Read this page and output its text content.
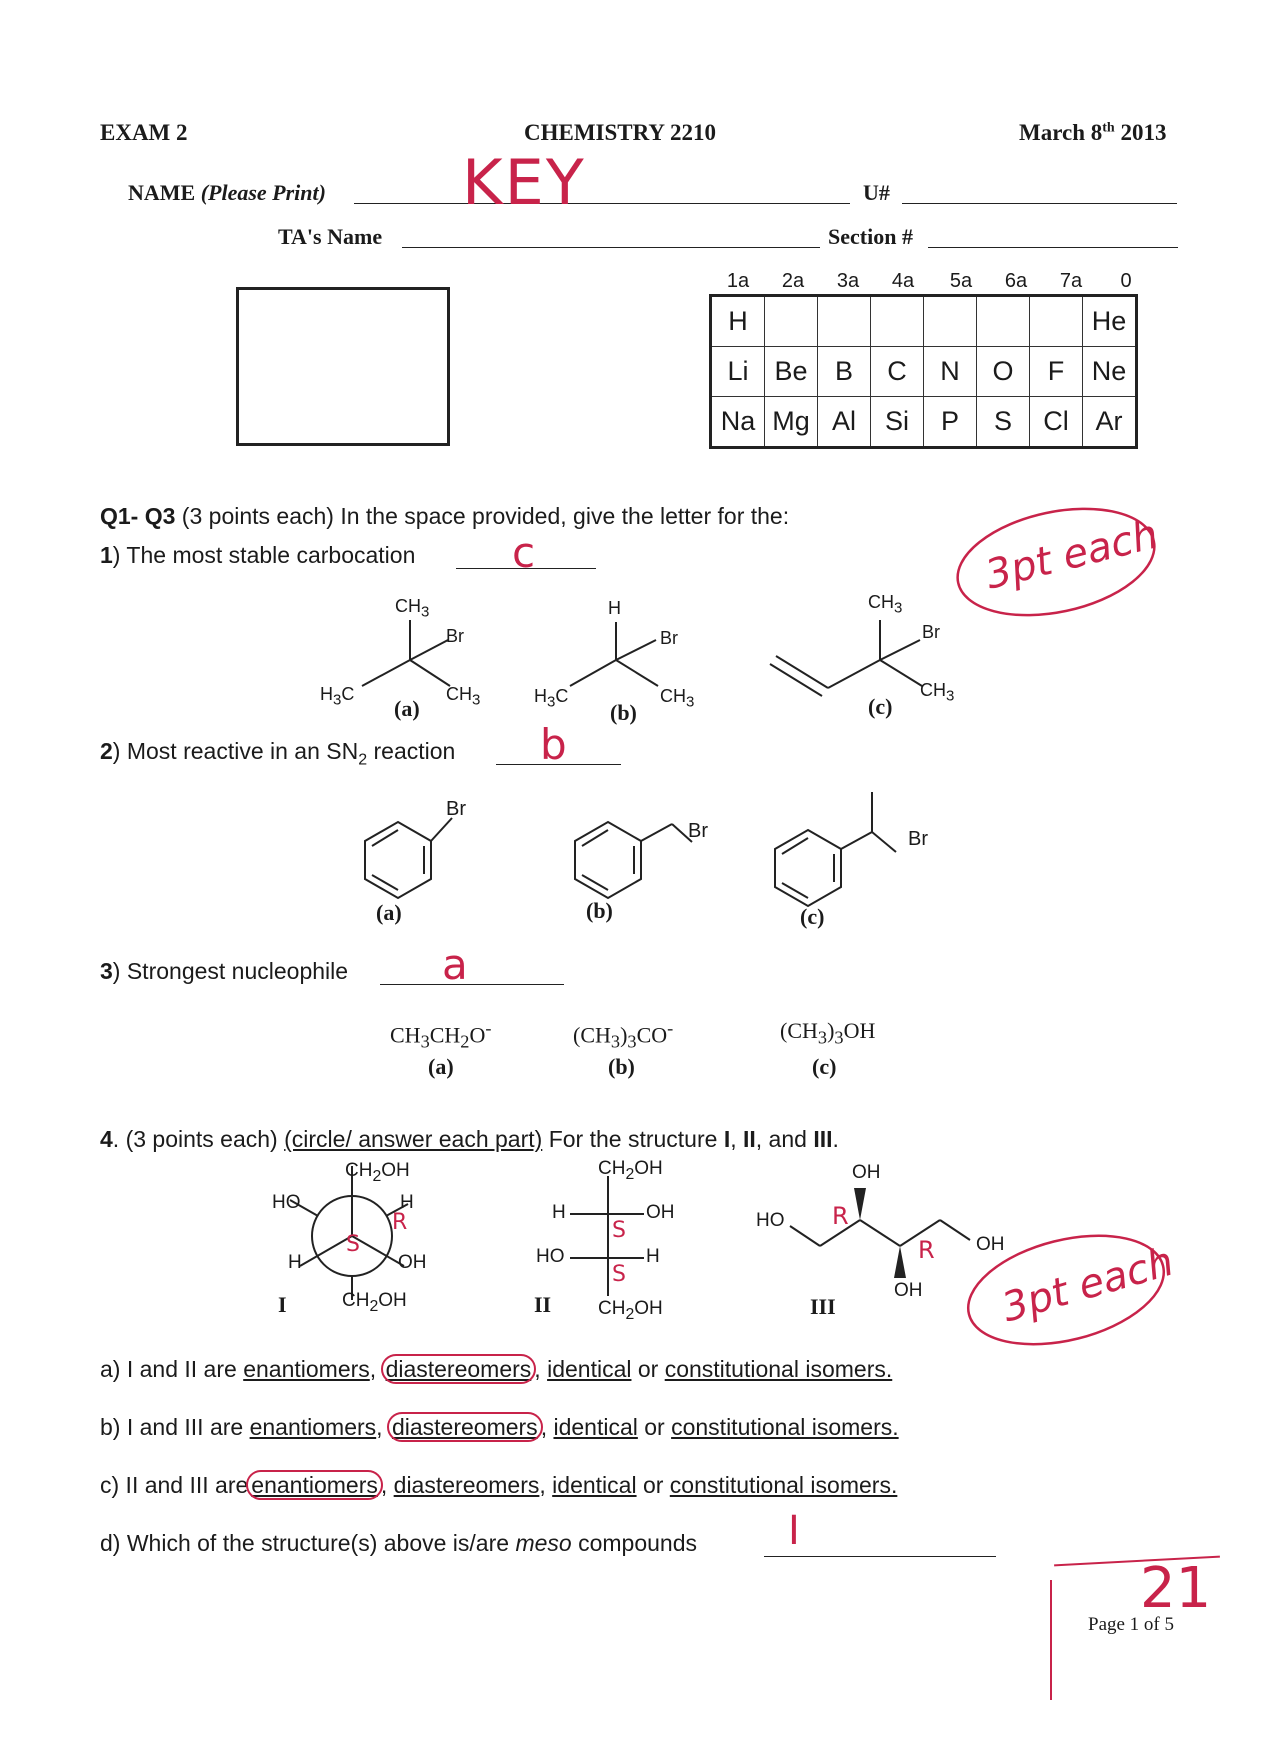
EXAM 2	CHEMISTRY 2210	March 8th 2013
NAME (Please Print) KEY	U#
TA's Name	Section #
1a	2a	3a	4a	5a	6a	7a	0
H							He
Li	Be	B	C	N	O	F	Ne
Na	Mg	Al	Si	P	S	Cl	Ar
Q1- Q3 (3 points each) In the space provided, give the letter for the:
1) The most stable carbocation c	3pt each
$CH_3$
Br
$H_3C$	$CH_3$
(a)
H
Br
$H_3C$	$CH_3$
(b)
$CH_3$
Br
$CH_3$
(c)
2) Most reactive in an $SN_2$ reaction b
Br
Br	Br
(a)	(b)	(c)
3) Strongest nucleophile a
$CH_3CH_2O^-$	$(CH_3)_3CO^-$	$(CH_3)_3OH$
(a)	(b)	(c)
4. (3 points each) (circle/ answer each part) For the structure I, II, and III.
$CH_2OH$
HO	H
H	OH
$CH_2OH$
R
S
I
$CH_2OH$
H	OH
HO	H
$CH_2OH$
S
S
II
OH
HO
OH
OH
R
R
III	3pt each
a) I and II are enantiomers, diastereomers , identical or constitutional isomers.
b) I and III are enantiomers, diastereomers , identical or constitutional isomers.
c) II and III are enantiomers , diastereomers, identical or constitutional isomers.
d) Which of the structure(s) above is/are meso compounds I
21
Page 1 of 5
